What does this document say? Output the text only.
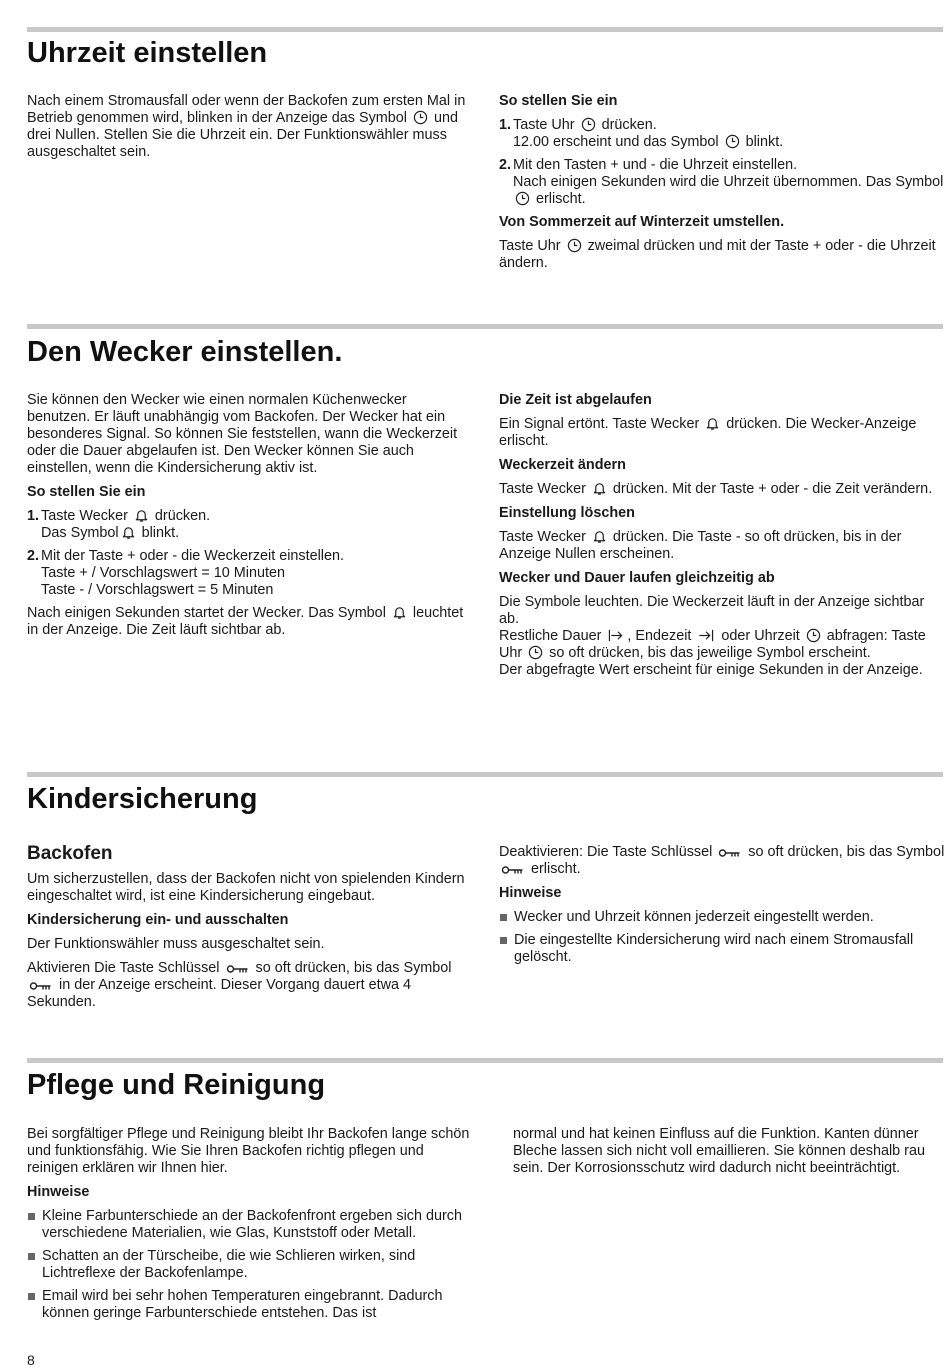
Uhrzeit einstellen

Nach einem Stromausfall oder wenn der Backofen zum ersten Mal in Betrieb genommen wird, blinken in der Anzeige das Symbol  und drei Nullen. Stellen Sie die Uhrzeit ein. Der Funktionswähler muss ausgeschaltet sein.

So stellen Sie ein

1. Taste Uhr  drücken.
12.00 erscheint und das Symbol  blinkt.
2. Mit den Tasten + und - die Uhrzeit einstellen.
Nach einigen Sekunden wird die Uhrzeit übernommen. Das Symbol  erlischt.

Von Sommerzeit auf Winterzeit umstellen.

Taste Uhr  zweimal drücken und mit der Taste + oder - die Uhrzeit ändern.

Den Wecker einstellen.

Sie können den Wecker wie einen normalen Küchenwecker benutzen. Er läuft unabhängig vom Backofen. Der Wecker hat ein besonderes Signal. So können Sie feststellen, wann die Weckerzeit oder die Dauer abgelaufen ist. Den Wecker können Sie auch einstellen, wenn die Kindersicherung aktiv ist.

So stellen Sie ein

1. Taste Wecker  drücken.
Das Symbol blinkt.
2. Mit der Taste + oder - die Weckerzeit einstellen.
Taste + / Vorschlagswert = 10 Minuten
Taste - / Vorschlagswert = 5 Minuten

Nach einigen Sekunden startet der Wecker. Das Symbol  leuchtet in der Anzeige. Die Zeit läuft sichtbar ab.

Die Zeit ist abgelaufen

Ein Signal ertönt. Taste Wecker  drücken. Die Wecker-Anzeige erlischt.

Weckerzeit ändern

Taste Wecker  drücken. Mit der Taste + oder - die Zeit verändern.

Einstellung löschen

Taste Wecker  drücken. Die Taste - so oft drücken, bis in der Anzeige Nullen erscheinen.

Wecker und Dauer laufen gleichzeitig ab

Die Symbole leuchten. Die Weckerzeit läuft in der Anzeige sichtbar ab.
Restliche Dauer , Endezeit  oder Uhrzeit  abfragen: Taste Uhr  so oft drücken, bis das jeweilige Symbol erscheint.
Der abgefragte Wert erscheint für einige Sekunden in der Anzeige.

Kindersicherung

Backofen

Um sicherzustellen, dass der Backofen nicht von spielenden Kindern eingeschaltet wird, ist eine Kindersicherung eingebaut.

Kindersicherung ein- und ausschalten

Der Funktionswähler muss ausgeschaltet sein.

Aktivieren Die Taste Schlüssel  so oft drücken, bis das Symbol  in der Anzeige erscheint. Dieser Vorgang dauert etwa 4 Sekunden.

Deaktivieren: Die Taste Schlüssel  so oft drücken, bis das Symbol  erlischt.

Hinweise

Wecker und Uhrzeit können jederzeit eingestellt werden.
Die eingestellte Kindersicherung wird nach einem Stromausfall gelöscht.
Pflege und Reinigung

Bei sorgfältiger Pflege und Reinigung bleibt Ihr Backofen lange schön und funktionsfähig. Wie Sie Ihren Backofen richtig pflegen und reinigen erklären wir Ihnen hier.

Hinweise

Kleine Farbunterschiede an der Backofenfront ergeben sich durch verschiedene Materialien, wie Glas, Kunststoff oder Metall.
Schatten an der Türscheibe, die wie Schlieren wirken, sind Lichtreflexe der Backofenlampe.
Email wird bei sehr hohen Temperaturen eingebrannt. Dadurch können geringe Farbunterschiede entstehen. Das ist

normal und hat keinen Einfluss auf die Funktion. Kanten dünner Bleche lassen sich nicht voll emaillieren. Sie können deshalb rau sein. Der Korrosionsschutz wird dadurch nicht beeinträchtigt.

8
